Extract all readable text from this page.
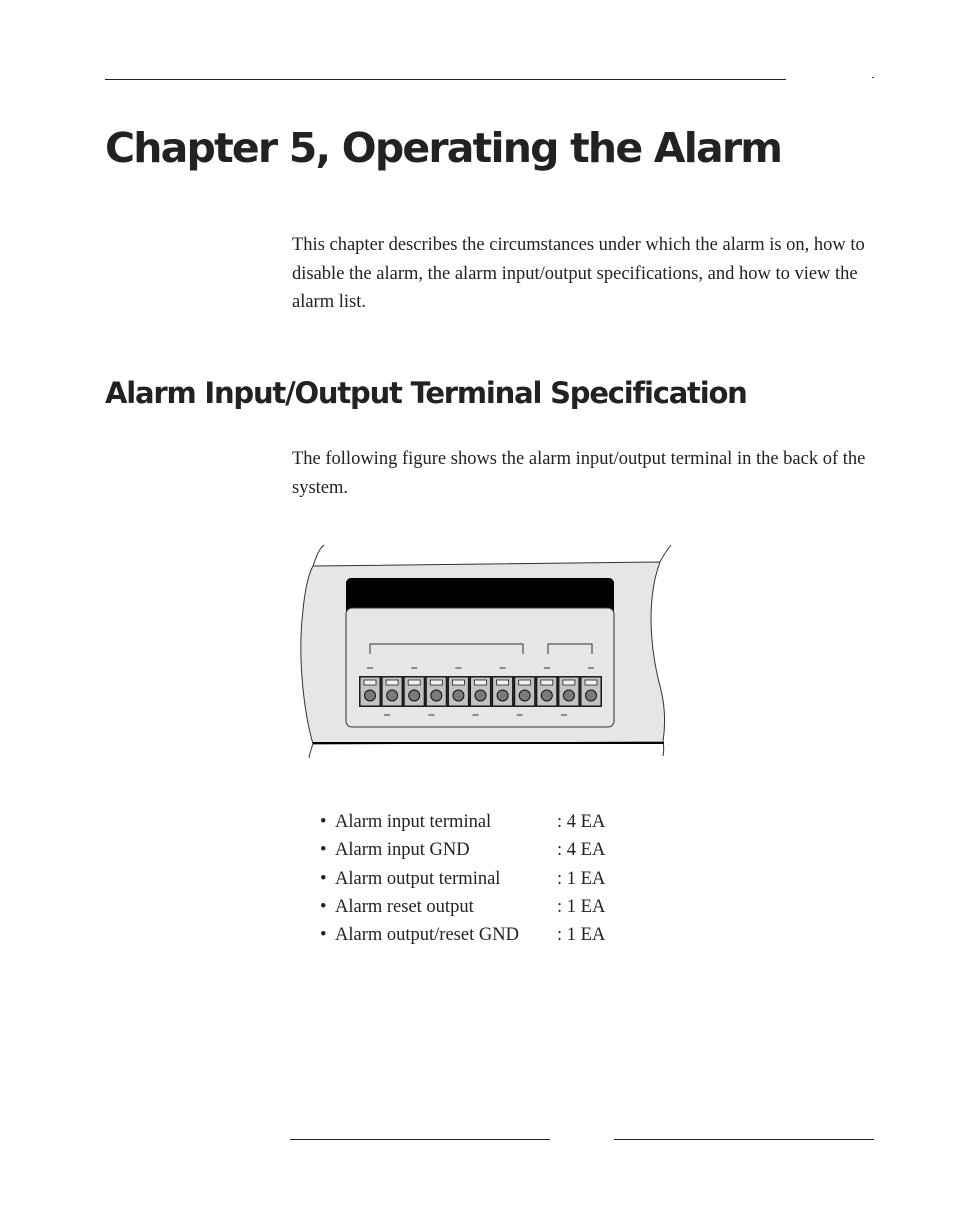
Chapter 5, Operating the Alarm

This chapter describes the circumstances under which the alarm is on, how to disable the alarm, the alarm input/output specifications, and how to view the alarm list.

Alarm Input/Output Terminal Specification

The following figure shows the alarm input/output terminal in the back of the system.

• Alarm input terminal	: 4 EA
• Alarm input GND	: 4 EA
• Alarm output terminal	: 1 EA
•Alarm reset output	: 1 EA
•Alarm output/reset GND : 1 EA
